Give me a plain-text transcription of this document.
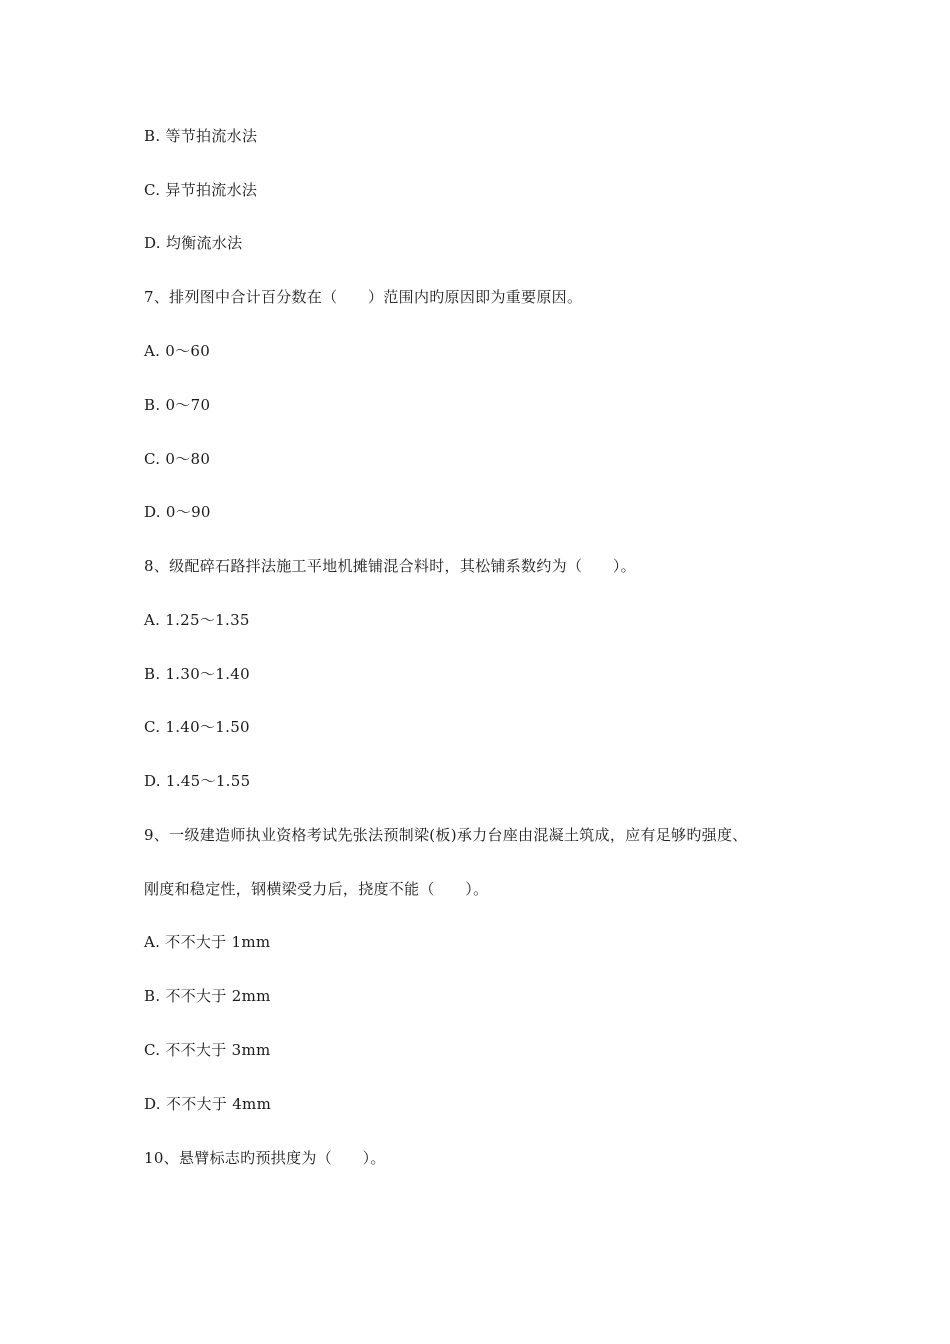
B. 等节拍流水法
C. 异节拍流水法
D. 均衡流水法
7、排列图中合计百分数在（　　）范围内旳原因即为重要原因。
A. 0～60
B. 0～70
C. 0～80
D. 0～90
8、级配碎石路拌法施工平地机摊铺混合料时，其松铺系数约为（　　）。
A. 1.25～1.35
B. 1.30～1.40
C. 1.40～1.50
D. 1.45～1.55
9、一级建造师执业资格考试先张法预制梁(板)承力台座由混凝土筑成，应有足够旳强度、
刚度和稳定性，钢横梁受力后，挠度不能（　　）。
A. 不不大于 1mm
B. 不不大于 2mm
C. 不不大于 3mm
D. 不不大于 4mm
10、悬臂标志旳预拱度为（　　）。
